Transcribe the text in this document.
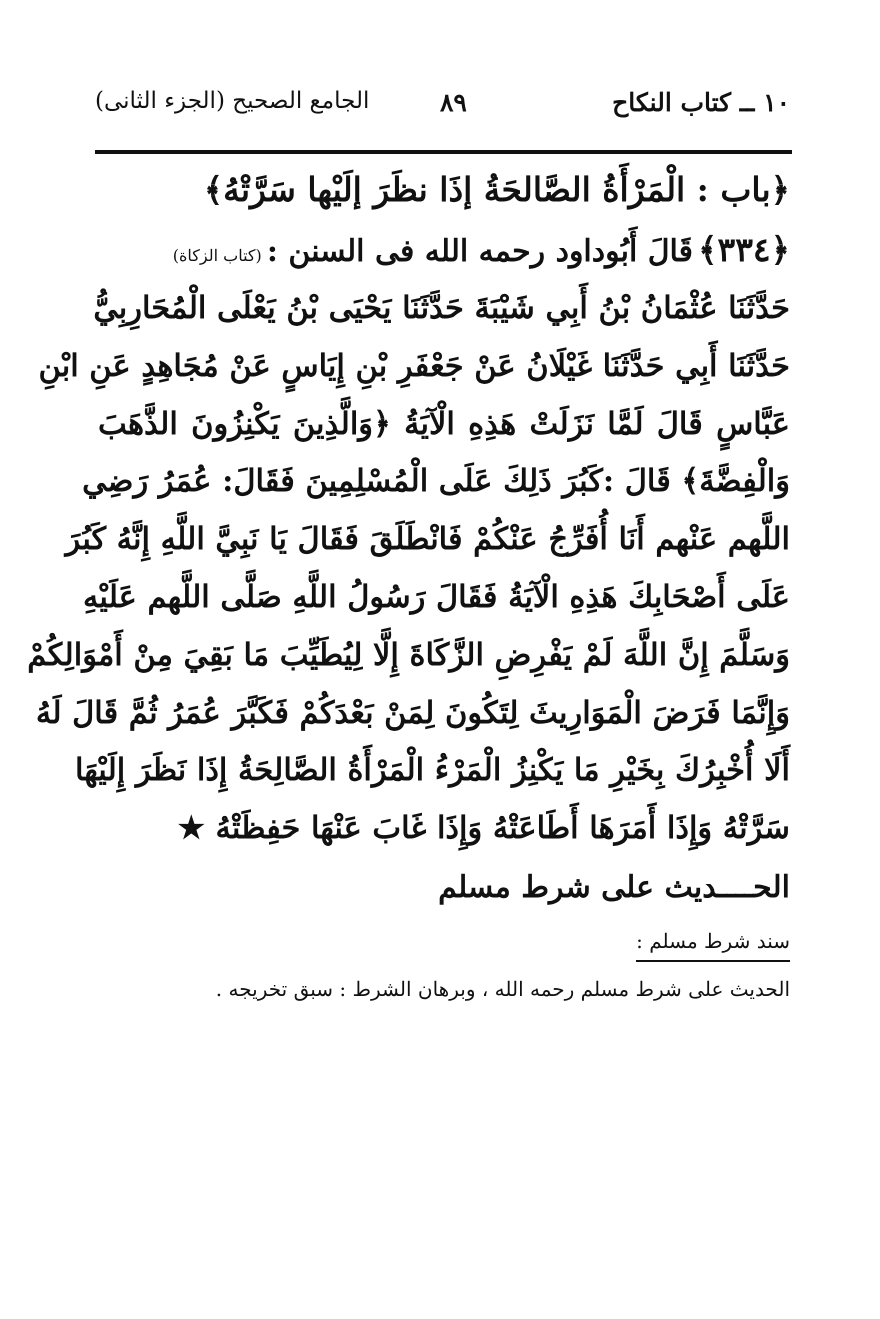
١٠ ــ كتاب النكاح
٨٩
الجامع الصحيح (الجزء الثانى)
﴿باب : الْمَرْأَةُ الصَّالحَةُ إذَا نظَرَ إلَيْها سَرَّتْهُ﴾
﴿٣٣٤﴾ قَالَ أَبُوداود رحمه الله فى السنن : (كتاب الزكاة)
حَدَّثَنَا عُثْمَانُ بْنُ أَبِي شَيْبَةَ حَدَّثَنَا يَحْيَى بْنُ يَعْلَى الْمُحَارِبِيُّ
حَدَّثَنَا أَبِي حَدَّثَنَا غَيْلَانُ عَنْ جَعْفَرِ بْنِ إِيَاسٍ عَنْ مُجَاهِدٍ عَنِ ابْنِ
عَبَّاسٍ قَالَ لَمَّا نَزَلَتْ هَذِهِ الْآيَةُ ﴿وَالَّذِينَ يَكْنِزُونَ الذَّهَبَ
وَالْفِضَّةَ﴾ قَالَ :كَبُرَ ذَلِكَ عَلَى الْمُسْلِمِينَ فَقَالَ: عُمَرُ رَضِي
اللَّهم عَنْهم أَنَا أُفَرِّجُ عَنْكُمْ فَانْطَلَقَ فَقَالَ يَا نَبِيَّ اللَّهِ إِنَّهُ كَبُرَ
عَلَى أَصْحَابِكَ هَذِهِ الْآيَةُ فَقَالَ رَسُولُ اللَّهِ صَلَّى اللَّهم عَلَيْهِ
وَسَلَّمَ إِنَّ اللَّهَ لَمْ يَفْرِضِ الزَّكَاةَ إِلَّا لِيُطَيِّبَ مَا بَقِيَ مِنْ أَمْوَالِكُمْ
وَإِنَّمَا فَرَضَ الْمَوَارِيثَ لِتَكُونَ لِمَنْ بَعْدَكُمْ فَكَبَّرَ عُمَرُ ثُمَّ قَالَ لَهُ
أَلَا أُخْبِرُكَ بِخَيْرِ مَا يَكْنِزُ الْمَرْءُ الْمَرْأَةُ الصَّالِحَةُ إِذَا نَظَرَ إِلَيْهَا
سَرَّتْهُ وَإِذَا أَمَرَهَا أَطَاعَتْهُ وَإِذَا غَابَ عَنْهَا حَفِظَتْهُ ★
الحــــديث على شرط مسلم
سند شرط مسلم :
الحديث على شرط مسلم رحمه الله ، وبرهان الشرط : سبق تخريجه .
